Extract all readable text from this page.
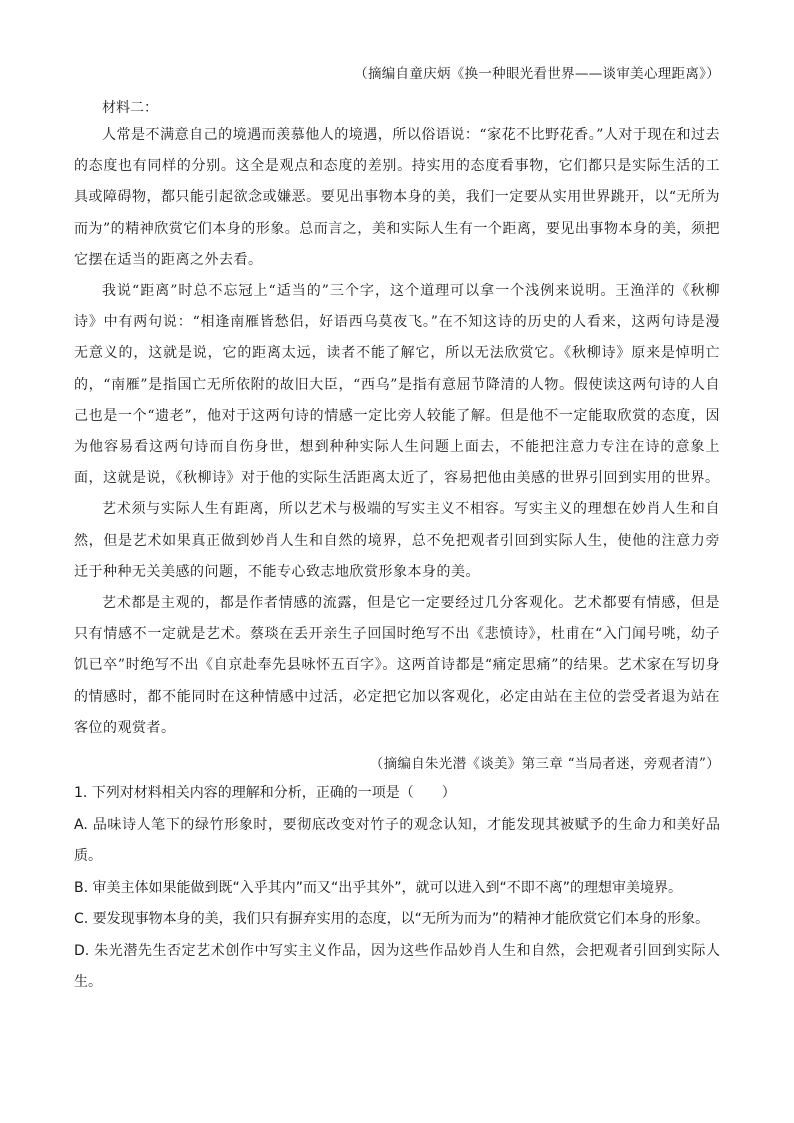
（摘编自童庆炳《换一种眼光看世界——谈审美心理距离》）
材料二：

人常是不满意自己的境遇而羡慕他人的境遇，所以俗语说：“家花不比野花香。”人对于现在和过去的态度也有同样的分别。这全是观点和态度的差别。持实用的态度看事物，它们都只是实际生活的工具或障碍物，都只能引起欲念或嫌恶。要见出事物本身的美，我们一定要从实用世界跳开，以“无所为而为”的精神欣赏它们本身的形象。总而言之，美和实际人生有一个距离，要见出事物本身的美，须把它摆在适当的距离之外去看。

我说“距离”时总不忘冠上“适当的”三个字，这个道理可以拿一个浅例来说明。王渔洋的《秋柳诗》中有两句说：“相逢南雁皆愁侣，好语西乌莫夜飞。”在不知这诗的历史的人看来，这两句诗是漫无意义的，这就是说，它的距离太远，读者不能了解它，所以无法欣赏它。《秋柳诗》原来是悼明亡的，“南雁”是指国亡无所依附的故旧大臣，“西乌”是指有意屈节降清的人物。假使读这两句诗的人自己也是一个“遗老”，他对于这两句诗的情感一定比旁人较能了解。但是他不一定能取欣赏的态度，因为他容易看这两句诗而自伤身世，想到种种实际人生问题上面去，不能把注意力专注在诗的意象上面，这就是说，《秋柳诗》对于他的实际生活距离太近了，容易把他由美感的世界引回到实用的世界。

艺术须与实际人生有距离，所以艺术与极端的写实主义不相容。写实主义的理想在妙肖人生和自然，但是艺术如果真正做到妙肖人生和自然的境界，总不免把观者引回到实际人生，使他的注意力旁迁于种种无关美感的问题，不能专心致志地欣赏形象本身的美。

艺术都是主观的，都是作者情感的流露，但是它一定要经过几分客观化。艺术都要有情感，但是只有情感不一定就是艺术。蔡琰在丢开亲生子回国时绝写不出《悲愤诗》，杜甫在“入门闻号咷，幼子饥已卒”时绝写不出《自京赴奉先县咏怀五百字》。这两首诗都是“痛定思痛”的结果。艺术家在写切身的情感时，都不能同时在这种情感中过活，必定把它加以客观化，必定由站在主位的尝受者退为站在客位的观赏者。

（摘编自朱光潜《谈美》第三章 “当局者迷，旁观者清”）

1. 下列对材料相关内容的理解和分析，正确的一项是（　　）

A. 品味诗人笔下的绿竹形象时，要彻底改变对竹子的观念认知，才能发现其被赋予的生命力和美好品质。

B. 审美主体如果能做到既“入乎其内”而又“出乎其外”，就可以进入到“不即不离”的理想审美境界。

C. 要发现事物本身的美，我们只有摒弃实用的态度，以“无所为而为”的精神才能欣赏它们本身的形象。

D. 朱光潜先生否定艺术创作中写实主义作品，因为这些作品妙肖人生和自然，会把观者引回到实际人生。
